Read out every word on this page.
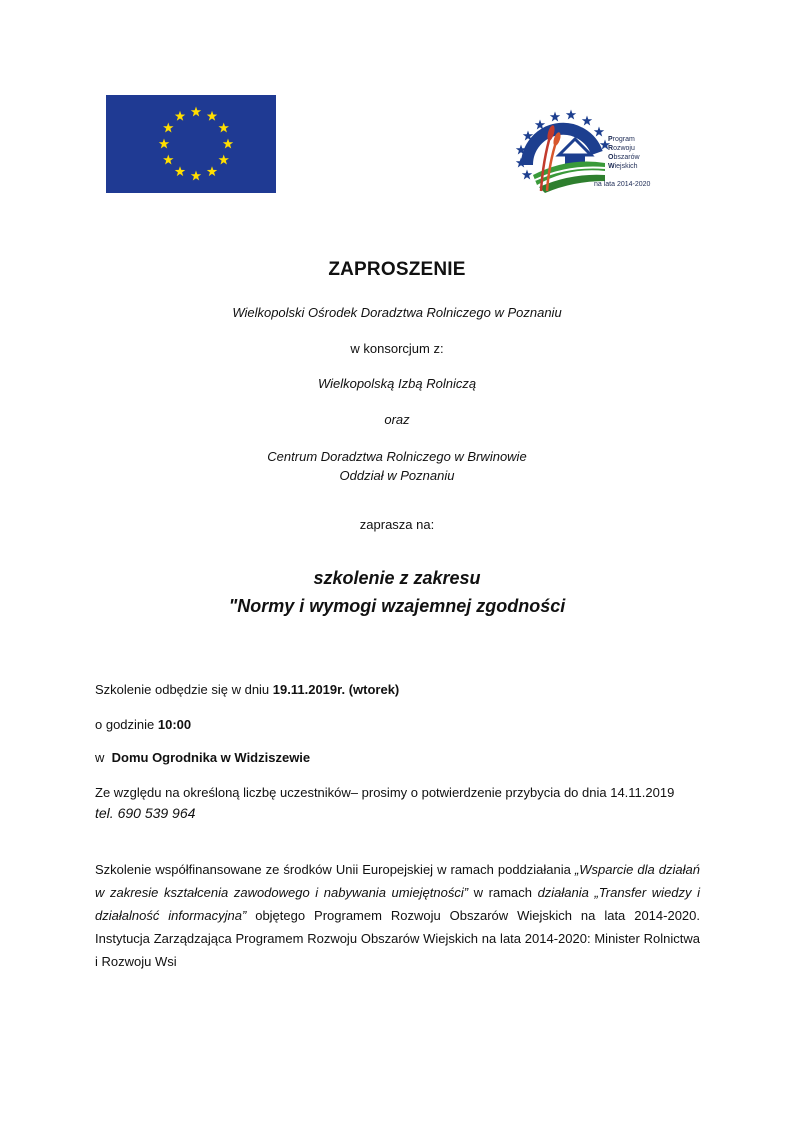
Program
Rozwoju
Obszarów
Wiejskich
na lata 2014-2020
ZAPROSZENIE
Wielkopolski Ośrodek Doradztwa Rolniczego w Poznaniu
w konsorcjum z:
Wielkopolską Izbą Rolniczą
oraz
Centrum Doradztwa Rolniczego w Brwinowie
Oddział w Poznaniu
zaprasza na:
szkolenie z zakresu
"Normy i wymogi wzajemnej zgodności
Szkolenie odbędzie się w dniu 19.11.2019r. (wtorek)
o godzinie 10:00
w  Domu Ogrodnika w Widziszewie
Ze względu na określoną liczbę uczestników– prosimy o potwierdzenie przybycia do dnia 14.11.2019
tel. 690 539 964
Szkolenie współfinansowane ze środków Unii Europejskiej w ramach poddziałania „Wsparcie dla działań w zakresie kształcenia zawodowego i nabywania umiejętności” w ramach działania „Transfer wiedzy i działalność informacyjna” objętego Programem Rozwoju Obszarów Wiejskich na lata 2014-2020. Instytucja Zarządzająca Programem Rozwoju Obszarów Wiejskich na lata 2014-2020: Minister Rolnictwa i Rozwoju Wsi
